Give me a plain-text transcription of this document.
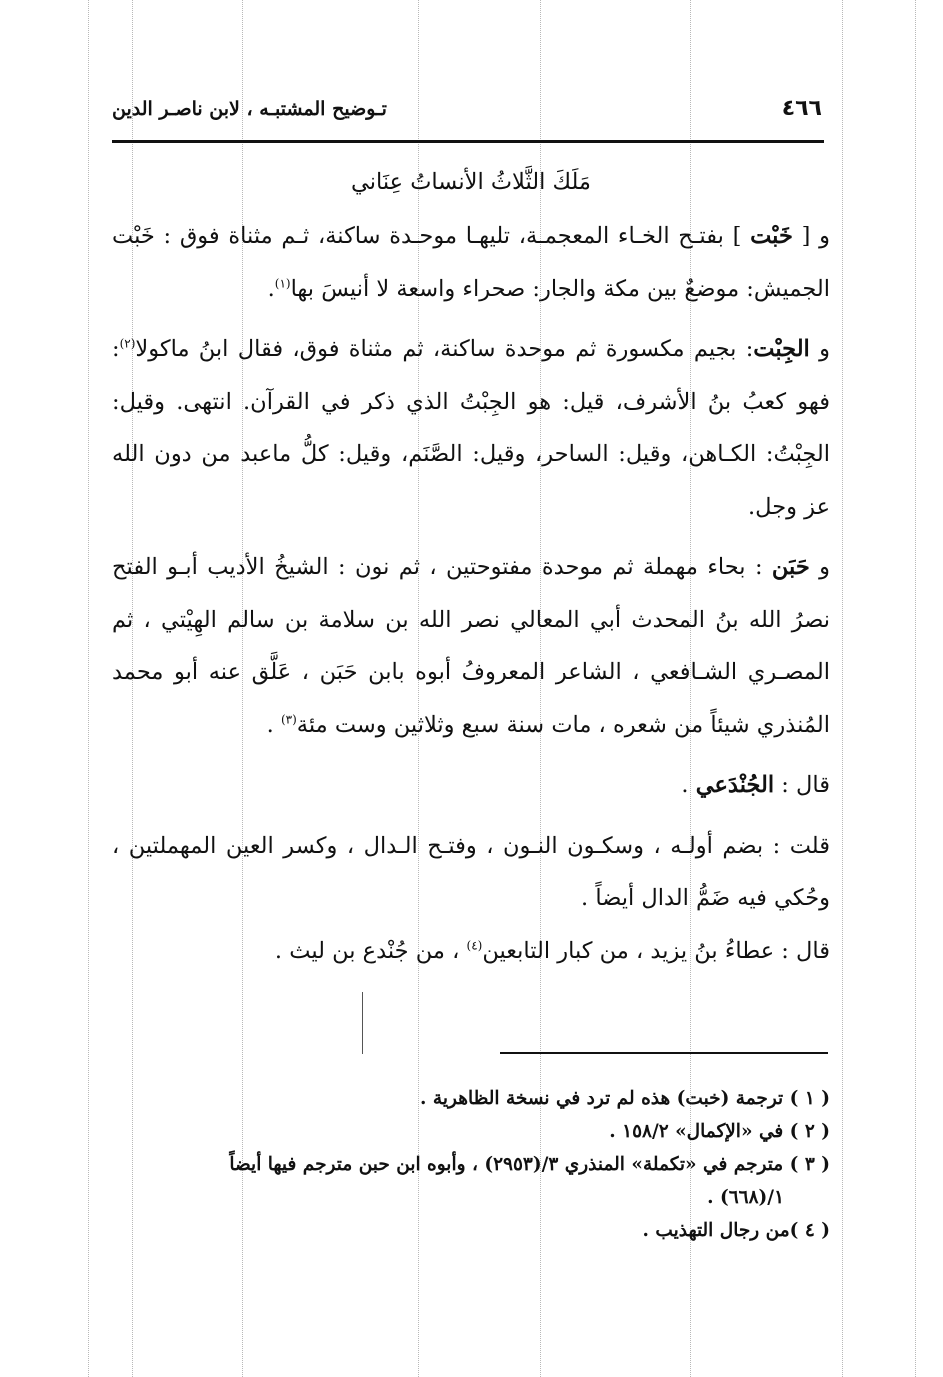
٤٦٦
تـوضيح المشتبـه ، لابن ناصـر الدين

مَلَكَ الثَّلاثُ الأنساتُ عِنَاني

و [ خَبْت ] بفتـح الخـاء المعجمـة، تليهـا موحـدة ساكنة، ثـم مثناة فوق : خَبْت الجميش: موضعٌ بين مكة والجار: صحراء واسعة لا أنيسَ بها$^{(١)}$.

و الجِبْت: بجيم مكسورة ثم موحدة ساكنة، ثم مثناة فوق، فقال ابنُ ماكولا$^{(٢)}$: فهو كعبُ بنُ الأشرف، قيل: هو الجِبْتُ الذي ذكر في القرآن. انتهى. وقيل: الجِبْتُ: الكـاهن، وقيل: الساحر، وقيل: الصَّنَم، وقيل: كلُّ ماعبد من دون الله عز وجل.

و حَبَن : بحاء مهملة ثم موحدة مفتوحتين ، ثم نون : الشيخُ الأديب أبـو الفتح نصرُ الله بنُ المحدث أبي المعالي نصر الله بن سلامة بن سالم الهِيْتي ، ثم المصـري الشـافعي ، الشاعر المعروفُ أبوه بابن حَبَن ، عَلَّق عنه أبو محمد المُنذري شيئاً من شعره ، مات سنة سبع وثلاثين وست مئة$^{(٣)}$ .

قال : الجُنْدَعي .

قلت : بضم أولـه ، وسكـون النـون ، وفتـح الـدال ، وكسر العين المهملتين ، وحُكي فيه ضَمُّ الدال أيضاً .

قال : عطاءُ بنُ يزيد ، من كبار التابعين$^{(٤)}$ ، من جُنْدع بن ليث .

( ١ ) ترجمة (خبت) هذه لم ترد في نسخة الظاهرية .

( ٢ ) في «الإكمال» ١٥٨/٢ .

( ٣ ) مترجم في «تكملة» المنذري ٣/(٢٩٥٣) ، وأبوه ابن حبن مترجم فيها أيضاً
١/(٦٦٨) .

( ٤ )من رجال التهذيب .
